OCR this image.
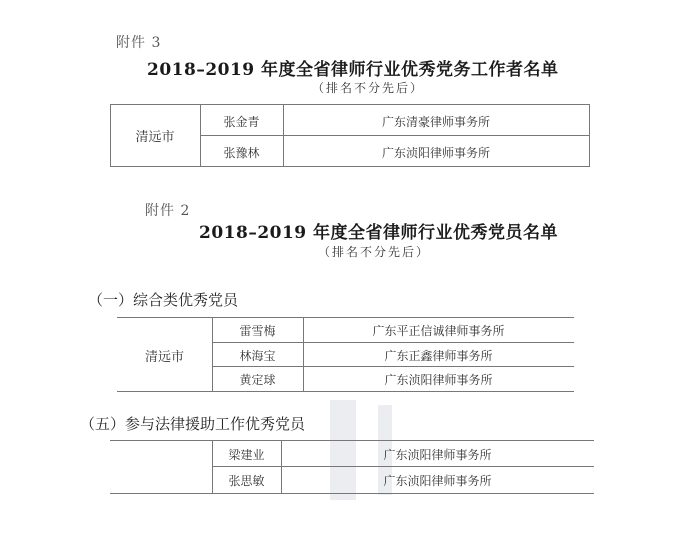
附件 3
2018–2019 年度全省律师行业优秀党务工作者名单
（排名不分先后）
清远市
张金青	广东清豪律师事务所
张豫林	广东浈阳律师事务所
附件 2
2018–2019 年度全省律师行业优秀党员名单
（排名不分先后）
（一）综合类优秀党员
清远市
雷雪梅	广东平正信诚律师事务所
林海宝	广东正鑫律师事务所
黄定球	广东浈阳律师事务所
（五）参与法律援助工作优秀党员
梁建业	广东浈阳律师事务所
张思敏	广东浈阳律师事务所
